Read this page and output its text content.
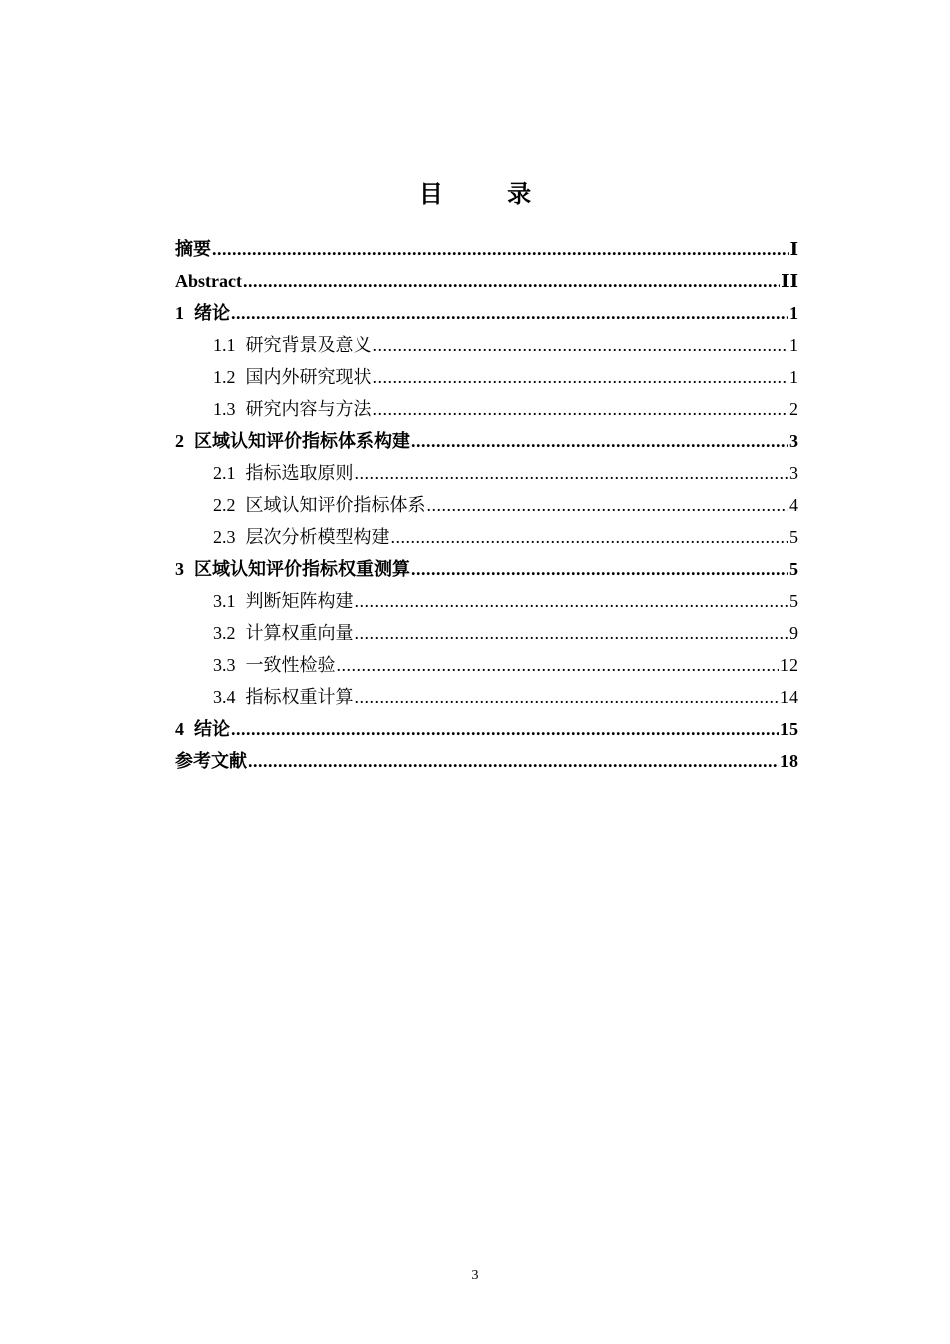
目 录
摘要 .....	Ⅰ
Abstract .....	ⅠⅠ
1 绪论 .....	1
1.1 研究背景及意义 .....	1
1.2 国内外研究现状 .....	1
1.3 研究内容与方法 .....	2
2 区域认知评价指标体系构建 .....	3
2.1 指标选取原则 .....	3
2.2 区域认知评价指标体系 .....	4
2.3 层次分析模型构建 .....	5
3 区域认知评价指标权重测算 .....	5
3.1 判断矩阵构建 .....	5
3.2 计算权重向量 .....	9
3.3 一致性检验 .....	12
3.4 指标权重计算 .....	14
4 结论 .....	15
参考文献 .....	18
3
